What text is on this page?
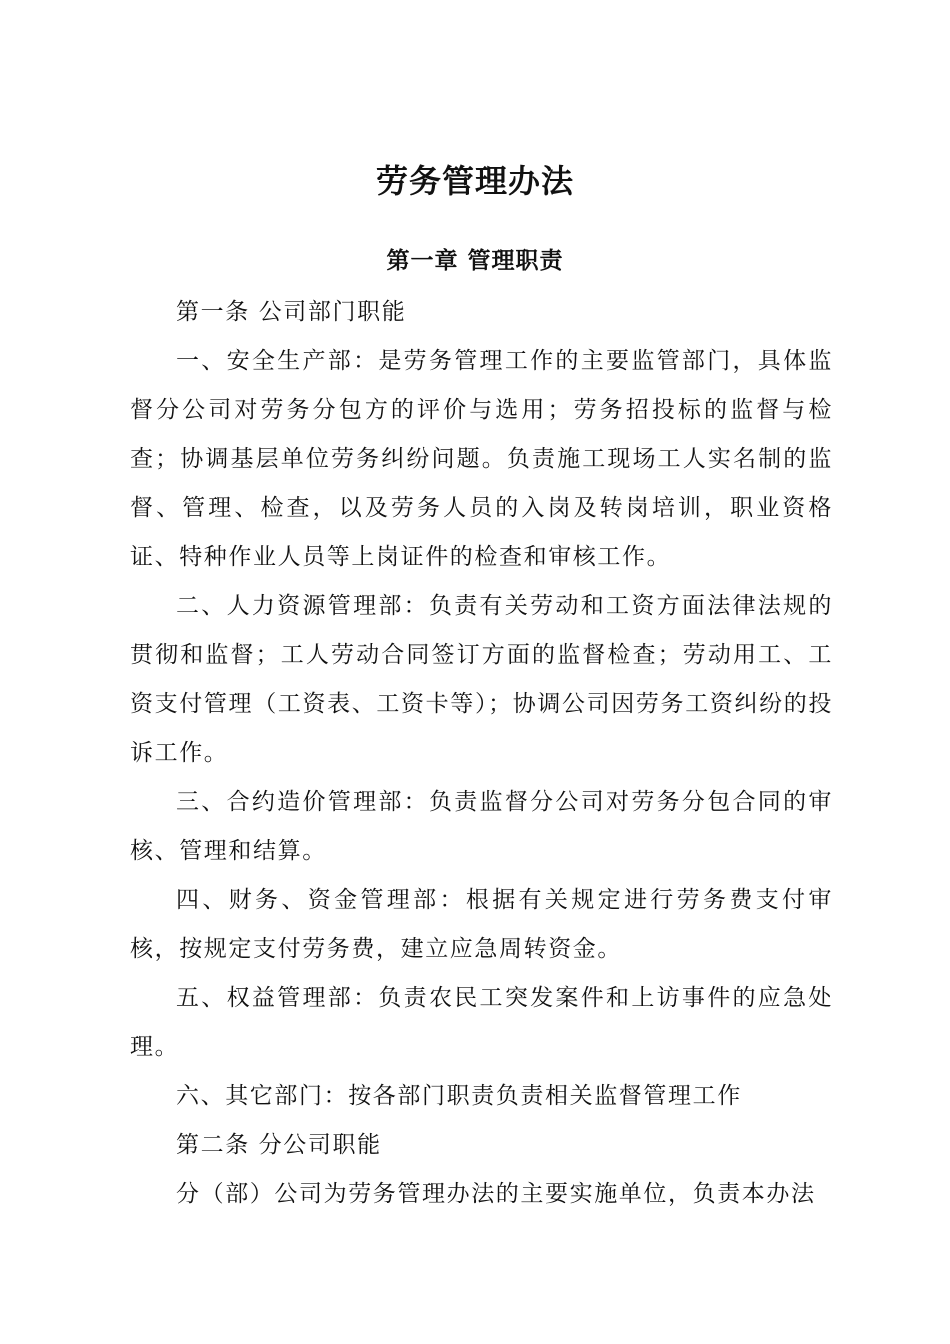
劳务管理办法
第一章 管理职责

第一条 公司部门职能

一、安全生产部：是劳务管理工作的主要监管部门，具体监督分公司对劳务分包方的评价与选用；劳务招投标的监督与检查；协调基层单位劳务纠纷问题。负责施工现场工人实名制的监督、管理、检查，以及劳务人员的入岗及转岗培训，职业资格证、特种作业人员等上岗证件的检查和审核工作。

二、人力资源管理部：负责有关劳动和工资方面法律法规的贯彻和监督；工人劳动合同签订方面的监督检查；劳动用工、工资支付管理（工资表、工资卡等）；协调公司因劳务工资纠纷的投诉工作。

三、合约造价管理部：负责监督分公司对劳务分包合同的审核、管理和结算。

四、财务、资金管理部：根据有关规定进行劳务费支付审核，按规定支付劳务费，建立应急周转资金。

五、权益管理部：负责农民工突发案件和上访事件的应急处理。

六、其它部门：按各部门职责负责相关监督管理工作

第二条 分公司职能

分（部）公司为劳务管理办法的主要实施单位，负责本办法
